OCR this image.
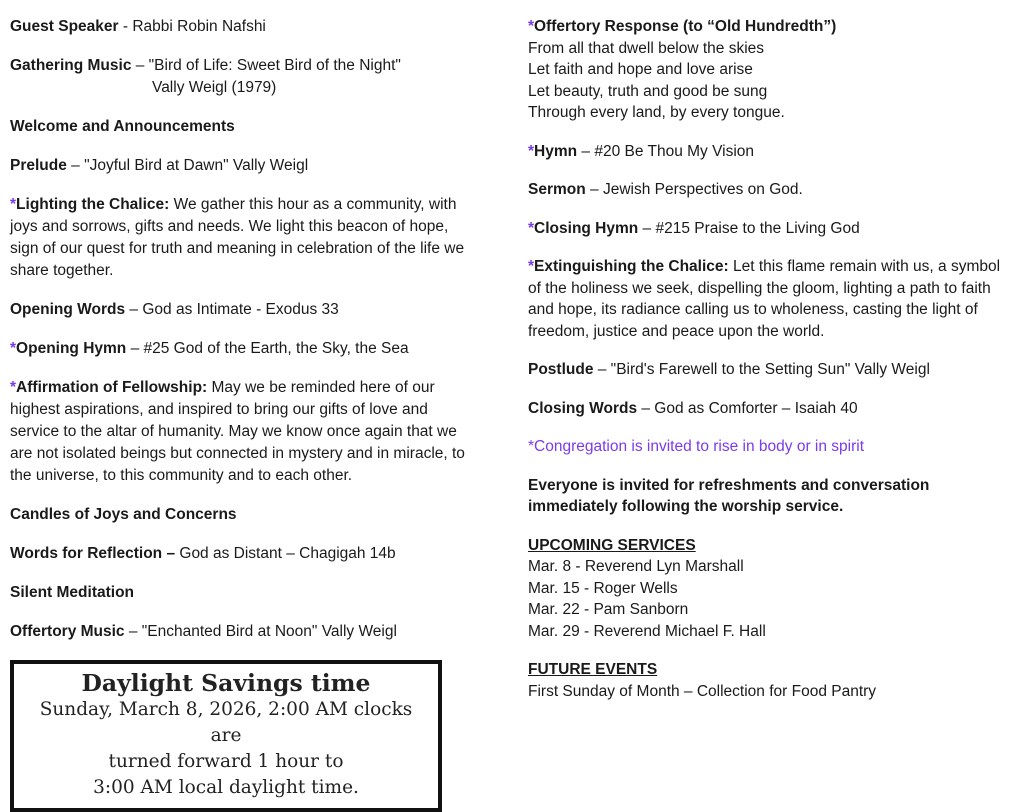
Guest Speaker - Rabbi Robin Nafshi
Gathering Music – "Bird of Life: Sweet Bird of the Night"
Vally Weigl (1979)
Welcome and Announcements
Prelude – "Joyful Bird at Dawn" Vally Weigl
*Lighting the Chalice: We gather this hour as a community, with joys and sorrows, gifts and needs. We light this beacon of hope, sign of our quest for truth and meaning in celebration of the life we share together.
Opening Words – God as Intimate - Exodus 33
*Opening Hymn – #25 God of the Earth, the Sky, the Sea
*Affirmation of Fellowship: May we be reminded here of our highest aspirations, and inspired to bring our gifts of love and service to the altar of humanity. May we know once again that we are not isolated beings but connected in mystery and in miracle, to the universe, to this community and to each other.
Candles of Joys and Concerns
Words for Reflection – God as Distant – Chagigah 14b
Silent Meditation
Offertory Music – "Enchanted Bird at Noon" Vally Weigl
Daylight Savings time
Sunday, March 8, 2026, 2:00 AM clocks are
turned forward 1 hour to
3:00 AM local daylight time.
*Offertory Response (to “Old Hundredth”)
From all that dwell below the skies
Let faith and hope and love arise
Let beauty, truth and good be sung
Through every land, by every tongue.
*Hymn – #20 Be Thou My Vision
Sermon – Jewish Perspectives on God.
*Closing Hymn – #215 Praise to the Living God
*Extinguishing the Chalice: Let this flame remain with us, a symbol of the holiness we seek, dispelling the gloom, lighting a path to faith and hope, its radiance calling us to wholeness, casting the light of freedom, justice and peace upon the world.
Postlude – "Bird's Farewell to the Setting Sun" Vally Weigl
Closing Words – God as Comforter – Isaiah 40
*Congregation is invited to rise in body or in spirit
Everyone is invited for refreshments and conversation immediately following the worship service.
UPCOMING SERVICES
Mar. 8 - Reverend Lyn Marshall
Mar. 15 - Roger Wells
Mar. 22 - Pam Sanborn
Mar. 29 - Reverend Michael F. Hall
FUTURE EVENTS
First Sunday of Month – Collection for Food Pantry
